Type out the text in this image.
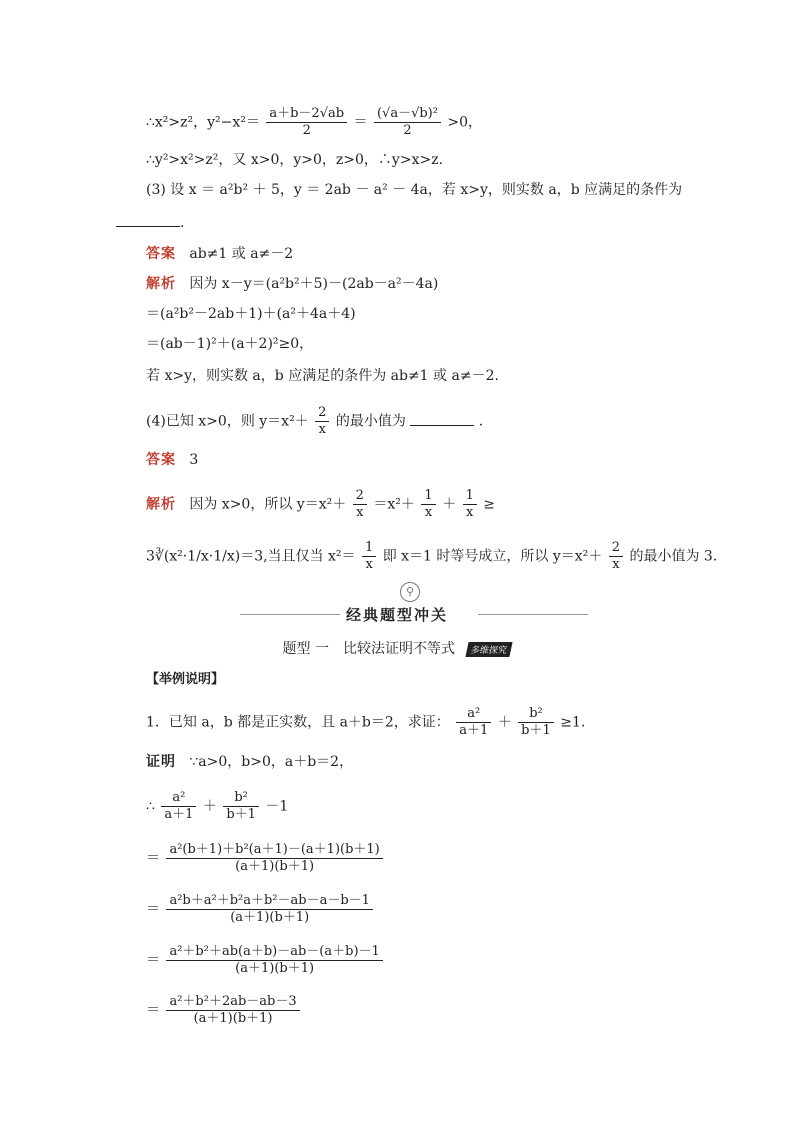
∴x²>z²，$y^2-x^2= \frac{a+b-2√ab}{2} = \frac{\text{(√a－√b)²}}{2} >0$，
∴y²>x²>z²，又 x>0，y>0，z>0，∴y>x>z.
(3) 设 x ＝ a²b² ＋ 5，y ＝ 2ab － a² － 4a，若 x>y，则实数 a，b 应满足的条件为
.
答案 ab≠1 或 a≠－2
解析 因为 x－y＝(a²b²＋5)－(2ab－a²－4a)
＝(a²b²－2ab＋1)＋(a²＋4a＋4)
＝(ab－1)²＋(a＋2)²≥0，
若 x>y，则实数 a，b 应满足的条件为 ab≠1 或 a≠－2.
(4)已知 x>0，则 $y=x^2+ \frac{2}{x}$ 的最小值为	.
答案 3
解析 因为 x>0，所以 $y=x^2+ \frac{2}{x} =x^2+ \frac{1}{x} + \frac{1}{x}$ ≥
3∛(x²·1/x·1/x)＝3,当且仅当 $x^2= \frac{1}{x}$ 即 x＝1 时等号成立，所以 $y=x^2+ \frac{2}{x}$ 的最小值为 3.
⚲
经典题型冲关
题型 一　比较法证明不等式 多维探究
【举例说明】
1．已知 a，b 都是正实数，且 a＋b＝2，求证： $\frac{\text{a²}}{a+1} + \frac{\text{b²}}{b+1} \ge 1$.
证明 ∵a>0，b>0，a＋b＝2，
∴ $\frac{\text{a²}}{a+1} + \frac{\text{b²}}{b+1} -1$
＝ $\frac{\text{a²(b＋1)＋b²(a＋1)－(a＋1)(b＋1)}}{(a+1)(b+1)}$
＝ $\frac{\text{a²b＋a²＋b²a＋b²－ab－a－b－1}}{(a+1)(b+1)}$
＝ $\frac{\text{a²＋b²＋ab(a＋b)－ab－(a＋b)－1}}{(a+1)(b+1)}$
＝ $\frac{\text{a²＋b²＋2ab－ab－3}}{(a+1)(b+1)}$
